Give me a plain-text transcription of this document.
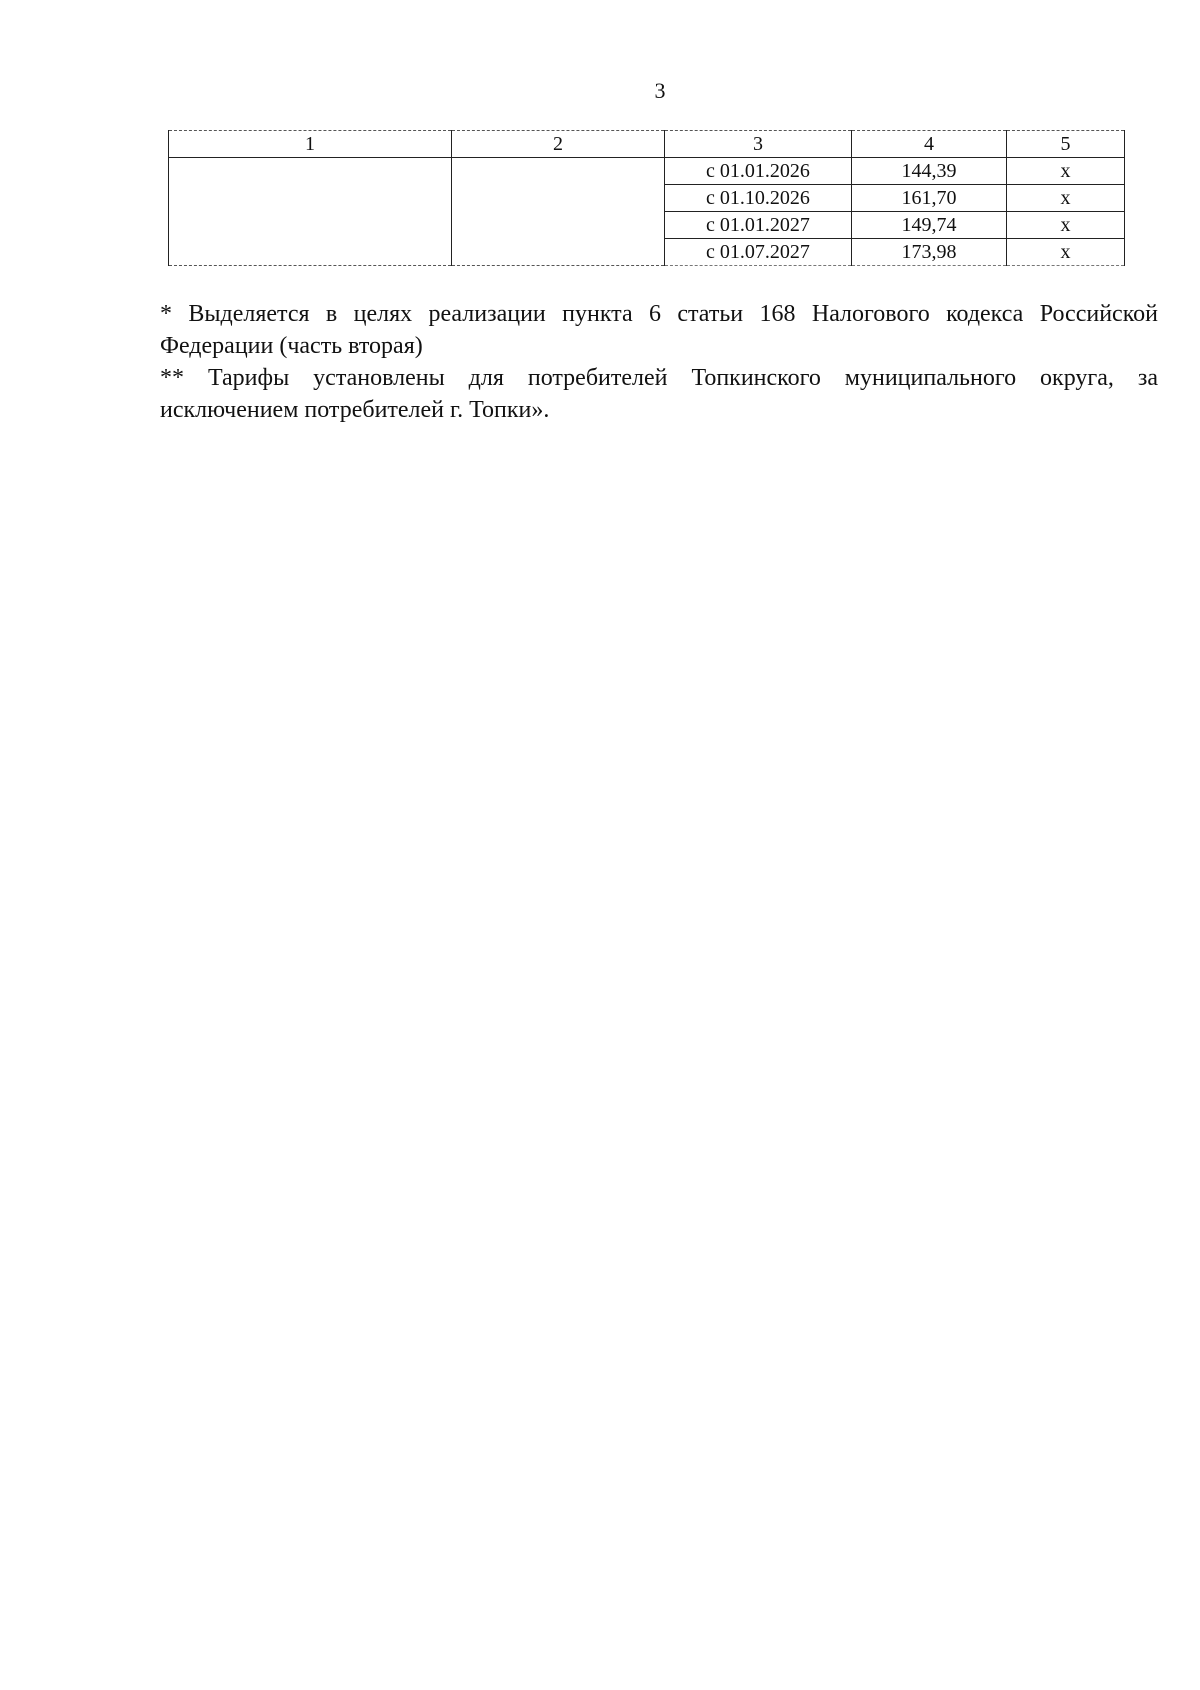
3
1	2	3	4	5
		с 01.01.2026	144,39	х
		с 01.10.2026	161,70	х
		с 01.01.2027	149,74	х
		с 01.07.2027	173,98	х

* Выделяется в целях реализации пункта 6 статьи 168 Налогового кодекса Российской Федерации (часть вторая)

** Тарифы установлены для потребителей Топкинского муниципального округа, за исключением потребителей г. Топки».
